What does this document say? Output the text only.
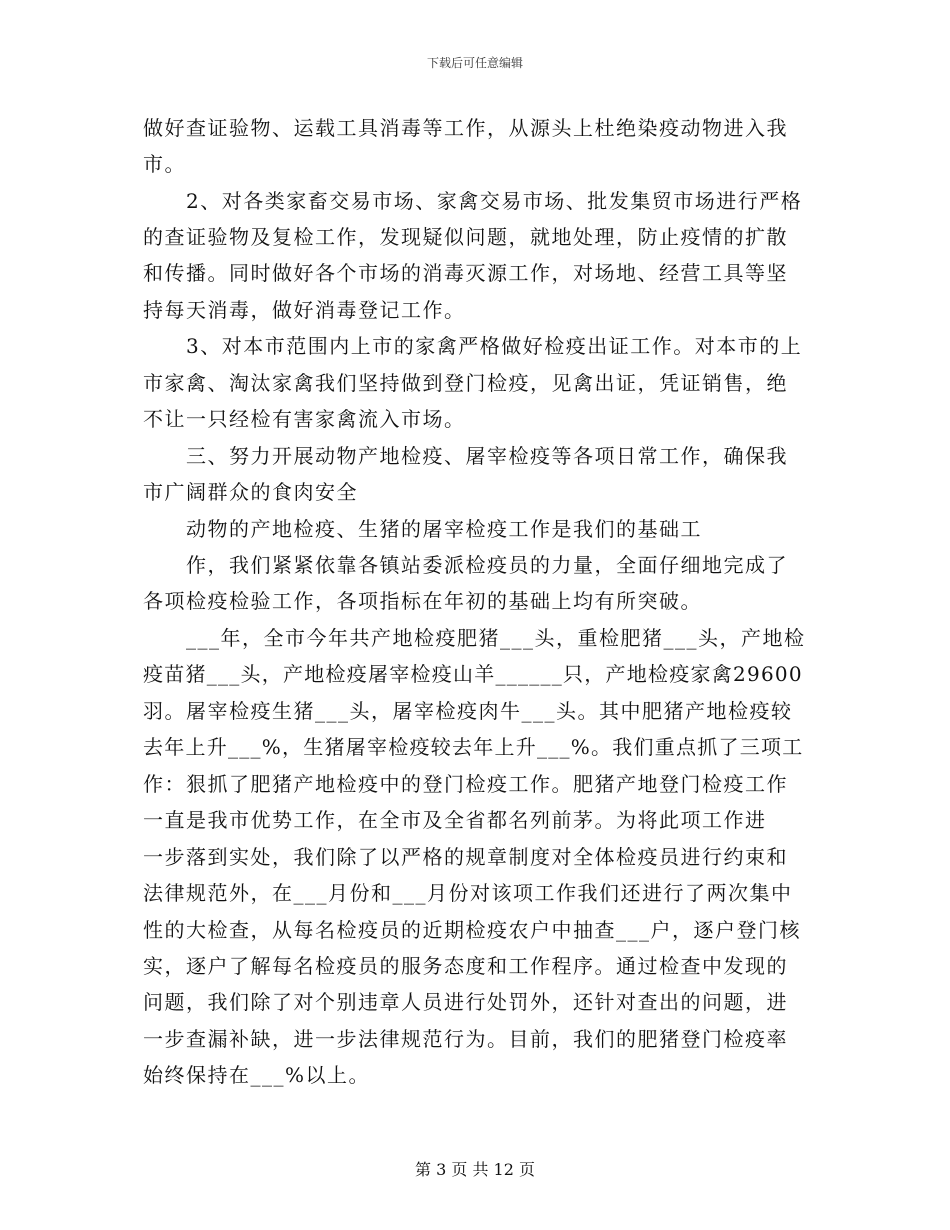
下载后可任意编辑
做好查证验物、运载工具消毒等工作，从源头上杜绝染疫动物进入我
市。
2、对各类家畜交易市场、家禽交易市场、批发集贸市场进行严格
的查证验物及复检工作，发现疑似问题，就地处理，防止疫情的扩散
和传播。同时做好各个市场的消毒灭源工作，对场地、经营工具等坚
持每天消毒，做好消毒登记工作。
3、对本市范围内上市的家禽严格做好检疫出证工作。对本市的上
市家禽、淘汰家禽我们坚持做到登门检疫，见禽出证，凭证销售，绝
不让一只经检有害家禽流入市场。
三、努力开展动物产地检疫、屠宰检疫等各项日常工作，确保我
市广阔群众的食肉安全
动物的产地检疫、生猪的屠宰检疫工作是我们的基础工
作，我们紧紧依靠各镇站委派检疫员的力量，全面仔细地完成了
各项检疫检验工作，各项指标在年初的基础上均有所突破。
___年，全市今年共产地检疫肥猪___头，重检肥猪___头，产地检
疫苗猪___头，产地检疫屠宰检疫山羊______只，产地检疫家禽29600
羽。屠宰检疫生猪___头，屠宰检疫肉牛___头。其中肥猪产地检疫较
去年上升___%，生猪屠宰检疫较去年上升___%。我们重点抓了三项工
作：狠抓了肥猪产地检疫中的登门检疫工作。肥猪产地登门检疫工作
一直是我市优势工作，在全市及全省都名列前茅。为将此项工作进
一步落到实处，我们除了以严格的规章制度对全体检疫员进行约束和
法律规范外，在___月份和___月份对该项工作我们还进行了两次集中
性的大检查，从每名检疫员的近期检疫农户中抽查___户，逐户登门核
实，逐户了解每名检疫员的服务态度和工作程序。通过检查中发现的
问题，我们除了对个别违章人员进行处罚外，还针对查出的问题，进
一步查漏补缺，进一步法律规范行为。目前，我们的肥猪登门检疫率
始终保持在___%以上。
第 3 页 共 12 页
